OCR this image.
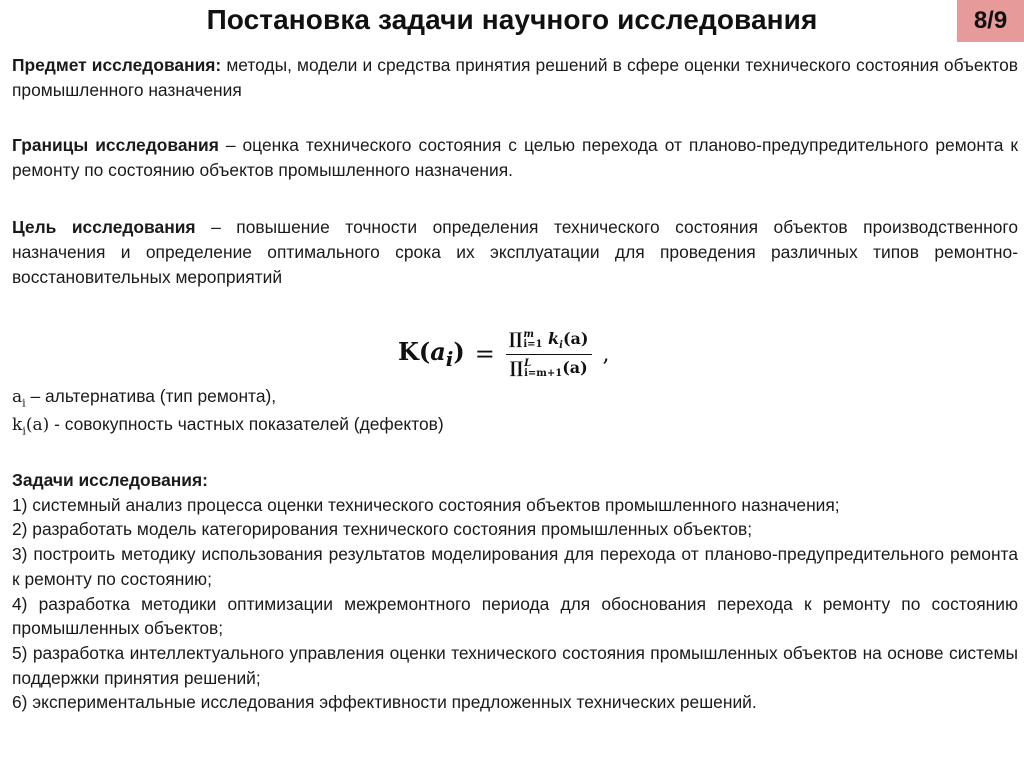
Постановка задачи научного исследования	8/9
Предмет исследования: методы, модели и средства принятия решений в сфере оценки технического состояния объектов промышленного назначения
Границы исследования – оценка технического состояния с целью перехода от планово-предупредительного ремонта к ремонту по состоянию объектов промышленного назначения.
Цель исследования – повышение точности определения технического состояния объектов производственного назначения и определение оптимального срока их эксплуатации для проведения различных типов ремонтно-восстановительных мероприятий
$K(a_i)$ = ∏ m
i=1 $k_i(a)$
∏ L
i=m+1 (a) ,
$a_i$ – альтернатива (тип ремонта),
$k_i(a)$ - совокупность частных показателей (дефектов)
Задачи исследования:
1) системный анализ процесса оценки технического состояния объектов промышленного назначения;
2) разработать модель категорирования технического состояния промышленных объектов;
3) построить методику использования результатов моделирования для перехода от планово-предупредительного ремонта к ремонту по состоянию;
4) разработка методики оптимизации межремонтного периода для обоснования перехода к ремонту по состоянию промышленных объектов;
5) разработка интеллектуального управления оценки технического состояния промышленных объектов на основе системы поддержки принятия решений;
6) экспериментальные исследования эффективности предложенных технических решений.
